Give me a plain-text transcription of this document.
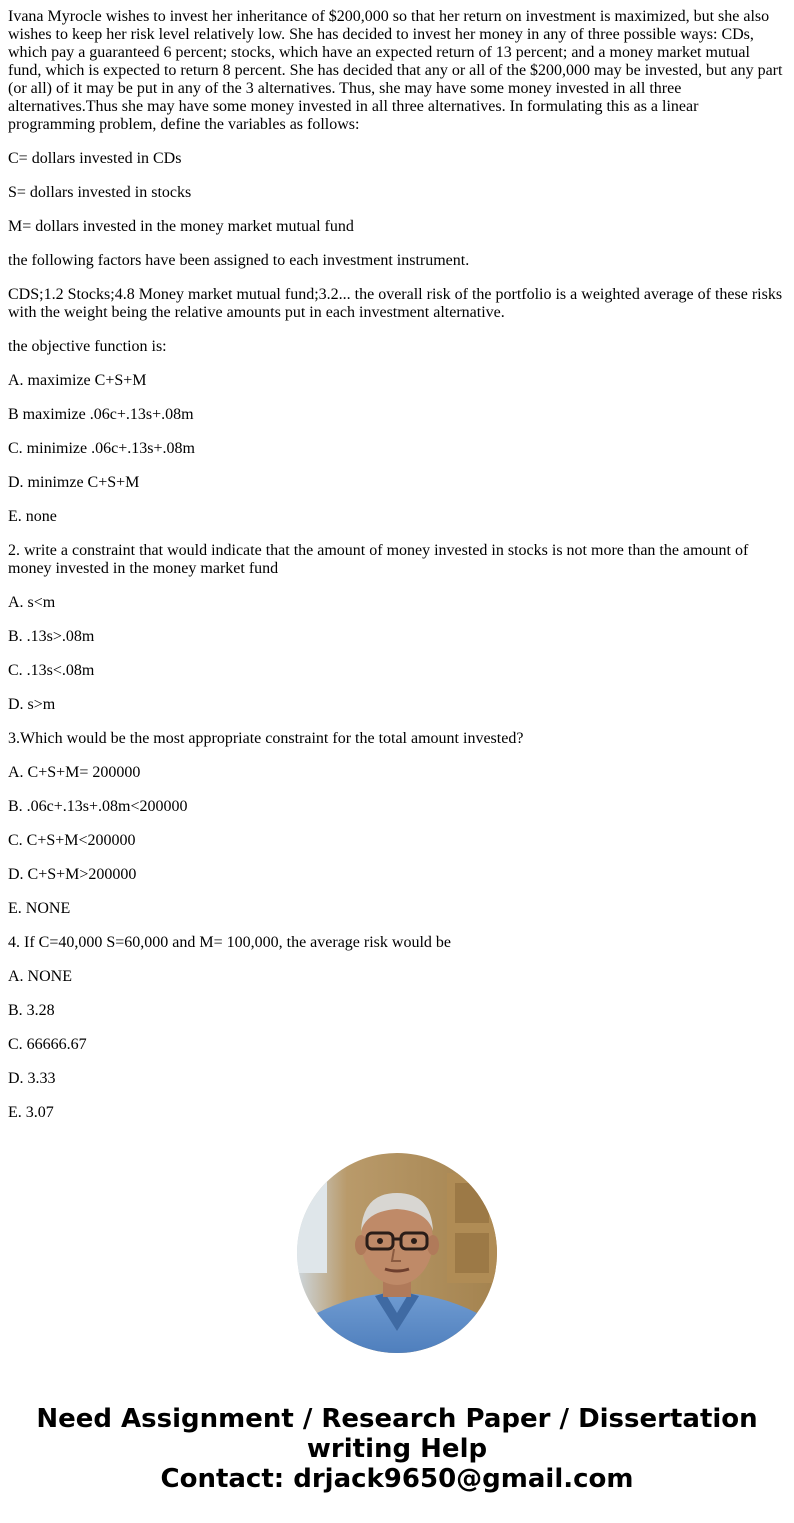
Ivana Myrocle wishes to invest her inheritance of $200,000 so that her return on investment is maximized, but she also wishes to keep her risk level relatively low. She has decided to invest her money in any of three possible ways: CDs, which pay a guaranteed 6 percent; stocks, which have an expected return of 13 percent; and a money market mutual fund, which is expected to return 8 percent. She has decided that any or all of the $200,000 may be invested, but any part (or all) of it may be put in any of the 3 alternatives. Thus, she may have some money invested in all three alternatives.Thus she may have some money invested in all three alternatives. In formulating this as a linear programming problem, define the variables as follows:

C= dollars invested in CDs

S= dollars invested in stocks

M= dollars invested in the money market mutual fund

the following factors have been assigned to each investment instrument.

CDS;1.2 Stocks;4.8 Money market mutual fund;3.2... the overall risk of the portfolio is a weighted average of these risks with the weight being the relative amounts put in each investment alternative.

the objective function is:

A. maximize C+S+M

B maximize .06c+.13s+.08m

C. minimize .06c+.13s+.08m

D. minimze C+S+M

E. none

2. write a constraint that would indicate that the amount of money invested in stocks is not more than the amount of money invested in the money market fund

A. s<m

B. .13s>.08m

C. .13s<.08m

D. s>m

3.Which would be the most appropriate constraint for the total amount invested?

A. C+S+M= 200000

B. .06c+.13s+.08m<200000

C. C+S+M<200000

D. C+S+M>200000

E. NONE

4. If C=40,000 S=60,000 and M= 100,000, the average risk would be

A. NONE

B. 3.28

C. 66666.67

D. 3.33

E. 3.07

Need Assignment / Research Paper / Dissertation
writing Help
Contact: drjack9650@gmail.com
